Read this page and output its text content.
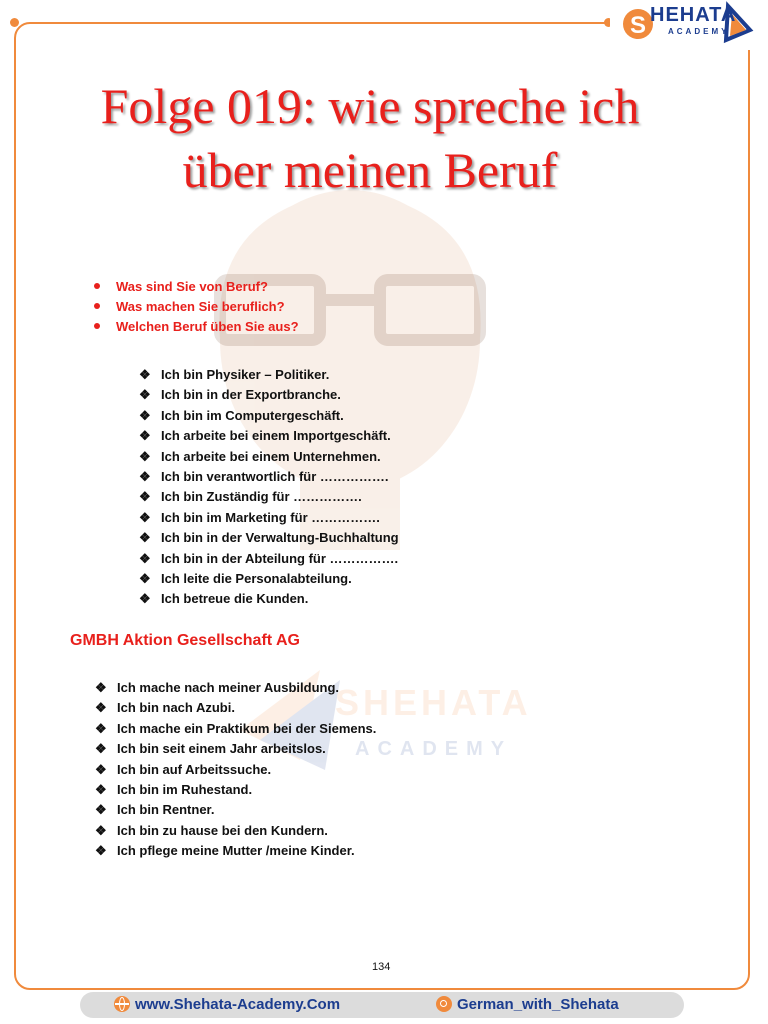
SHEHATA
ACADEMY
S HEHATA
ACADEMY
Folge 019: wie spreche ich
über meinen Beruf
Was sind Sie von Beruf?
Was machen Sie beruflich?
Welchen Beruf üben Sie aus?
❖ Ich bin Physiker – Politiker.
❖ Ich bin in der Exportbranche.
❖ Ich bin im Computergeschäft.
❖ Ich arbeite bei einem Importgeschäft.
❖ Ich arbeite bei einem Unternehmen.
❖ Ich bin verantwortlich für …………….
❖ Ich bin Zuständig für …………….
❖ Ich bin im Marketing für …………….
❖ Ich bin in der Verwaltung-Buchhaltung
❖ Ich bin in der Abteilung für …………….
❖ Ich leite die Personalabteilung.
❖ Ich betreue die Kunden.
GMBH Aktion Gesellschaft AG
❖ Ich mache nach meiner Ausbildung.
❖ Ich bin nach Azubi.
❖ Ich mache ein Praktikum bei der Siemens.
❖ Ich bin seit einem Jahr arbeitslos.
❖ Ich bin auf Arbeitssuche.
❖ Ich bin im Ruhestand.
❖ Ich bin Rentner.
❖ Ich bin zu hause bei den Kundern.
❖ Ich pflege meine Mutter /meine Kinder.
134
www.Shehata-Academy.Com	German_with_Shehata
